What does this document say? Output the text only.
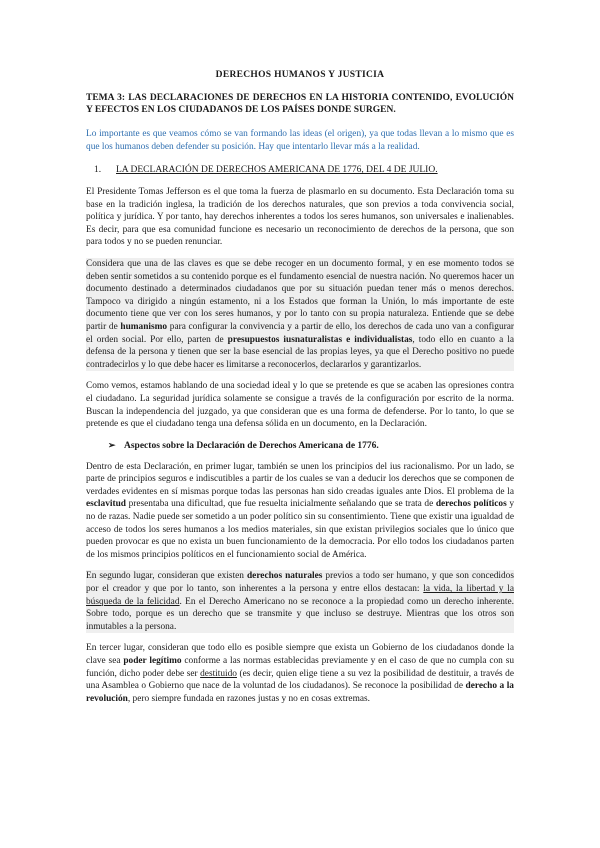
DERECHOS HUMANOS Y JUSTICIA
TEMA 3: LAS DECLARACIONES DE DERECHOS EN LA HISTORIA CONTENIDO, EVOLUCIÓN Y EFECTOS EN LOS CIUDADANOS DE LOS PAÍSES DONDE SURGEN.
Lo importante es que veamos cómo se van formando las ideas (el origen), ya que todas llevan a lo mismo que es que los humanos deben defender su posición. Hay que intentarlo llevar más a la realidad.
1. LA DECLARACIÓN DE DERECHOS AMERICANA DE 1776, DEL 4 DE JULIO.

El Presidente Tomas Jefferson es el que toma la fuerza de plasmarlo en su documento. Esta Declaración toma su base en la tradición inglesa, la tradición de los derechos naturales, que son previos a toda convivencia social, política y jurídica. Y por tanto, hay derechos inherentes a todos los seres humanos, son universales e inalienables. Es decir, para que esa comunidad funcione es necesario un reconocimiento de derechos de la persona, que son para todos y no se pueden renunciar.

Considera que una de las claves es que se debe recoger en un documento formal, y en ese momento todos se deben sentir sometidos a su contenido porque es el fundamento esencial de nuestra nación. No queremos hacer un documento destinado a determinados ciudadanos que por su situación puedan tener más o menos derechos. Tampoco va dirigido a ningún estamento, ni a los Estados que forman la Unión, lo más importante de este documento tiene que ver con los seres humanos, y por lo tanto con su propia naturaleza. Entiende que se debe partir de humanismo para configurar la convivencia y a partir de ello, los derechos de cada uno van a configurar el orden social. Por ello, parten de presupuestos iusnaturalistas e individualistas, todo ello en cuanto a la defensa de la persona y tienen que ser la base esencial de las propias leyes, ya que el Derecho positivo no puede contradecirlos y lo que debe hacer es limitarse a reconocerlos, declararlos y garantizarlos.

Como vemos, estamos hablando de una sociedad ideal y lo que se pretende es que se acaben las opresiones contra el ciudadano. La seguridad jurídica solamente se consigue a través de la configuración por escrito de la norma. Buscan la independencia del juzgado, ya que consideran que es una forma de defenderse. Por lo tanto, lo que se pretende es que el ciudadano tenga una defensa sólida en un documento, en la Declaración.

➢ Aspectos sobre la Declaración de Derechos Americana de 1776.

Dentro de esta Declaración, en primer lugar, también se unen los principios del ius racionalismo. Por un lado, se parte de principios seguros e indiscutibles a partir de los cuales se van a deducir los derechos que se componen de verdades evidentes en sí mismas porque todas las personas han sido creadas iguales ante Dios. El problema de la esclavitud presentaba una dificultad, que fue resuelta inicialmente señalando que se trata de derechos políticos y no de razas. Nadie puede ser sometido a un poder político sin su consentimiento. Tiene que existir una igualdad de acceso de todos los seres humanos a los medios materiales, sin que existan privilegios sociales que lo único que pueden provocar es que no exista un buen funcionamiento de la democracia. Por ello todos los ciudadanos parten de los mismos principios políticos en el funcionamiento social de América.

En segundo lugar, consideran que existen derechos naturales previos a todo ser humano, y que son concedidos por el creador y que por lo tanto, son inherentes a la persona y entre ellos destacan: la vida, la libertad y la búsqueda de la felicidad. En el Derecho Americano no se reconoce a la propiedad como un derecho inherente. Sobre todo, porque es un derecho que se transmite y que incluso se destruye. Mientras que los otros son inmutables a la persona.

En tercer lugar, consideran que todo ello es posible siempre que exista un Gobierno de los ciudadanos donde la clave sea poder legítimo conforme a las normas establecidas previamente y en el caso de que no cumpla con su función, dicho poder debe ser destituido (es decir, quien elige tiene a su vez la posibilidad de destituir, a través de una Asamblea o Gobierno que nace de la voluntad de los ciudadanos). Se reconoce la posibilidad de derecho a la revolución, pero siempre fundada en razones justas y no en cosas extremas.
